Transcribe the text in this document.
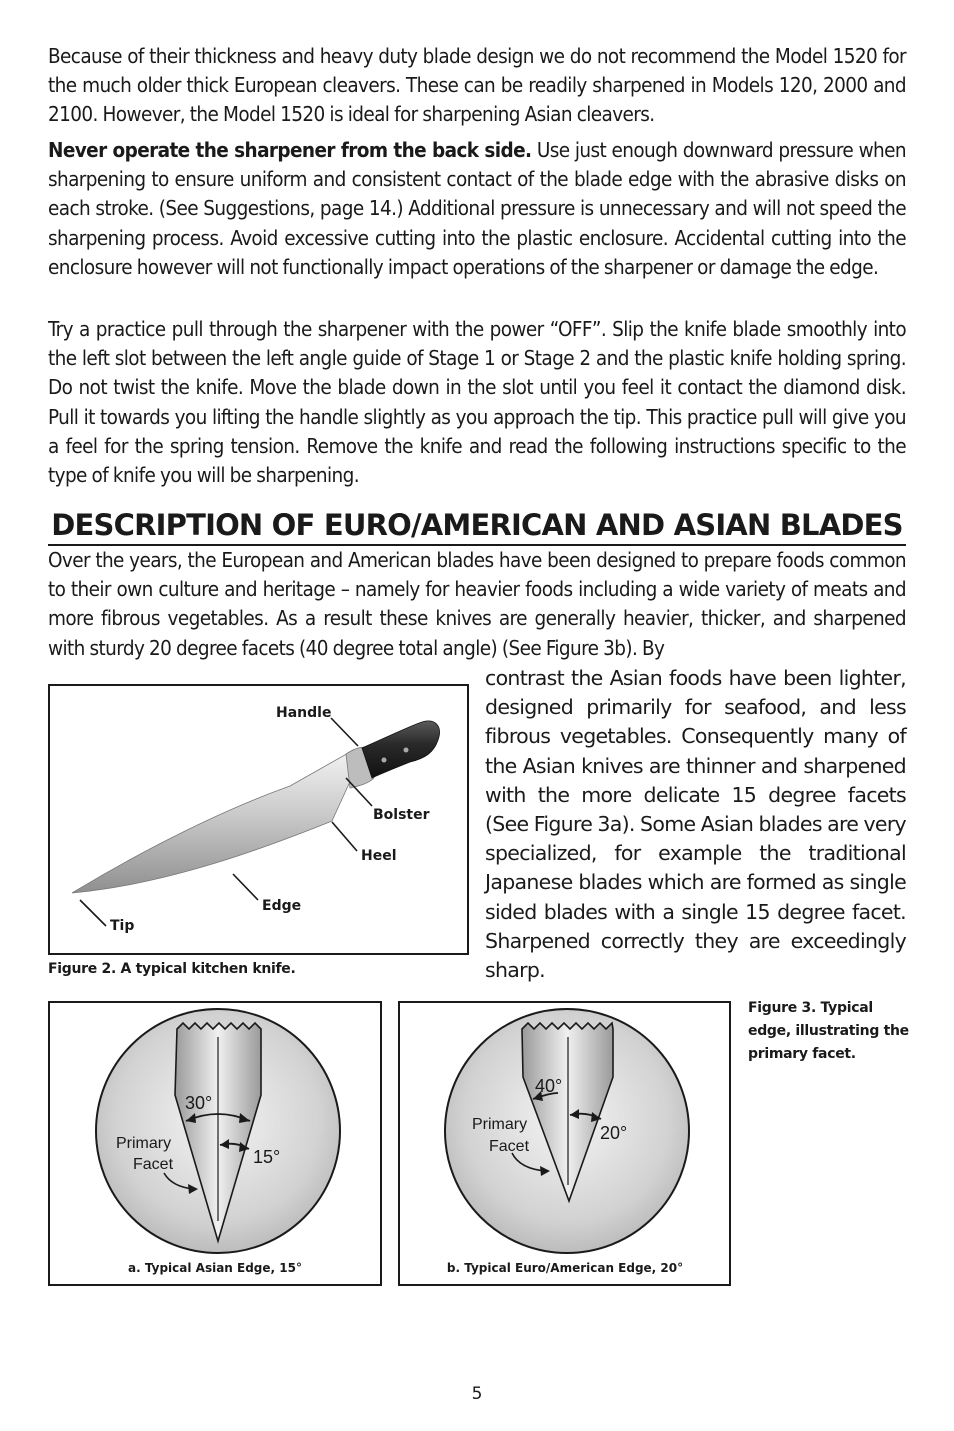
Because of their thickness and heavy duty blade design we do not recommend the Model 1520 for the much older thick European cleavers. These can be readily sharpened in Models 120, 2000 and 2100. However, the Model 1520 is ideal for sharpening Asian cleavers.

Never operate the sharpener from the back side. Use just enough downward pressure when sharpening to ensure uniform and consistent contact of the blade edge with the abrasive disks on each stroke. (See Suggestions, page 14.) Additional pressure is unnecessary and will not speed the sharpening process. Avoid excessive cutting into the plastic enclosure. Accidental cutting into the enclosure however will not functionally impact operations of the sharpener or damage the edge.

Try a practice pull through the sharpener with the power “OFF”. Slip the knife blade smoothly into the left slot between the left angle guide of Stage 1 or Stage 2 and the plastic knife holding spring. Do not twist the knife. Move the blade down in the slot until you feel it contact the diamond disk. Pull it towards you lifting the handle slightly as you approach the tip. This practice pull will give you a feel for the spring tension. Remove the knife and read the following instructions specific to the type of knife you will be sharpening.

DESCRIPTION OF EURO/AMERICAN AND ASIAN BLADES

Over the years, the European and American blades have been designed to prepare foods common to their own culture and heritage – namely for heavier foods including a wide variety of meats and more fibrous vegetables. As a result these knives are generally heavier, thicker, and sharpened with sturdy 20 degree facets (40 degree total angle) (See Figure 3b). By

contrast the Asian foods have been lighter, designed primarily for seafood, and less fibrous vegetables. Consequently many of the Asian knives are thinner and sharpened with the more delicate 15 degree facets (See Figure 3a). Some Asian blades are very specialized, for example the traditional Japanese blades which are formed as single sided blades with a single 15 degree facet. Sharpened correctly they are exceedingly sharp.

Handle
Bolster
Heel
Edge
Tip

Figure 2. A typical kitchen knife.

30°
15°
Primary
Facet
a. Typical Asian Edge, 15°
40°
20°
Primary
Facet
b. Typical Euro/American Edge, 20°
Figure 3. Typical
edge, illustrating the
primary facet.
5
